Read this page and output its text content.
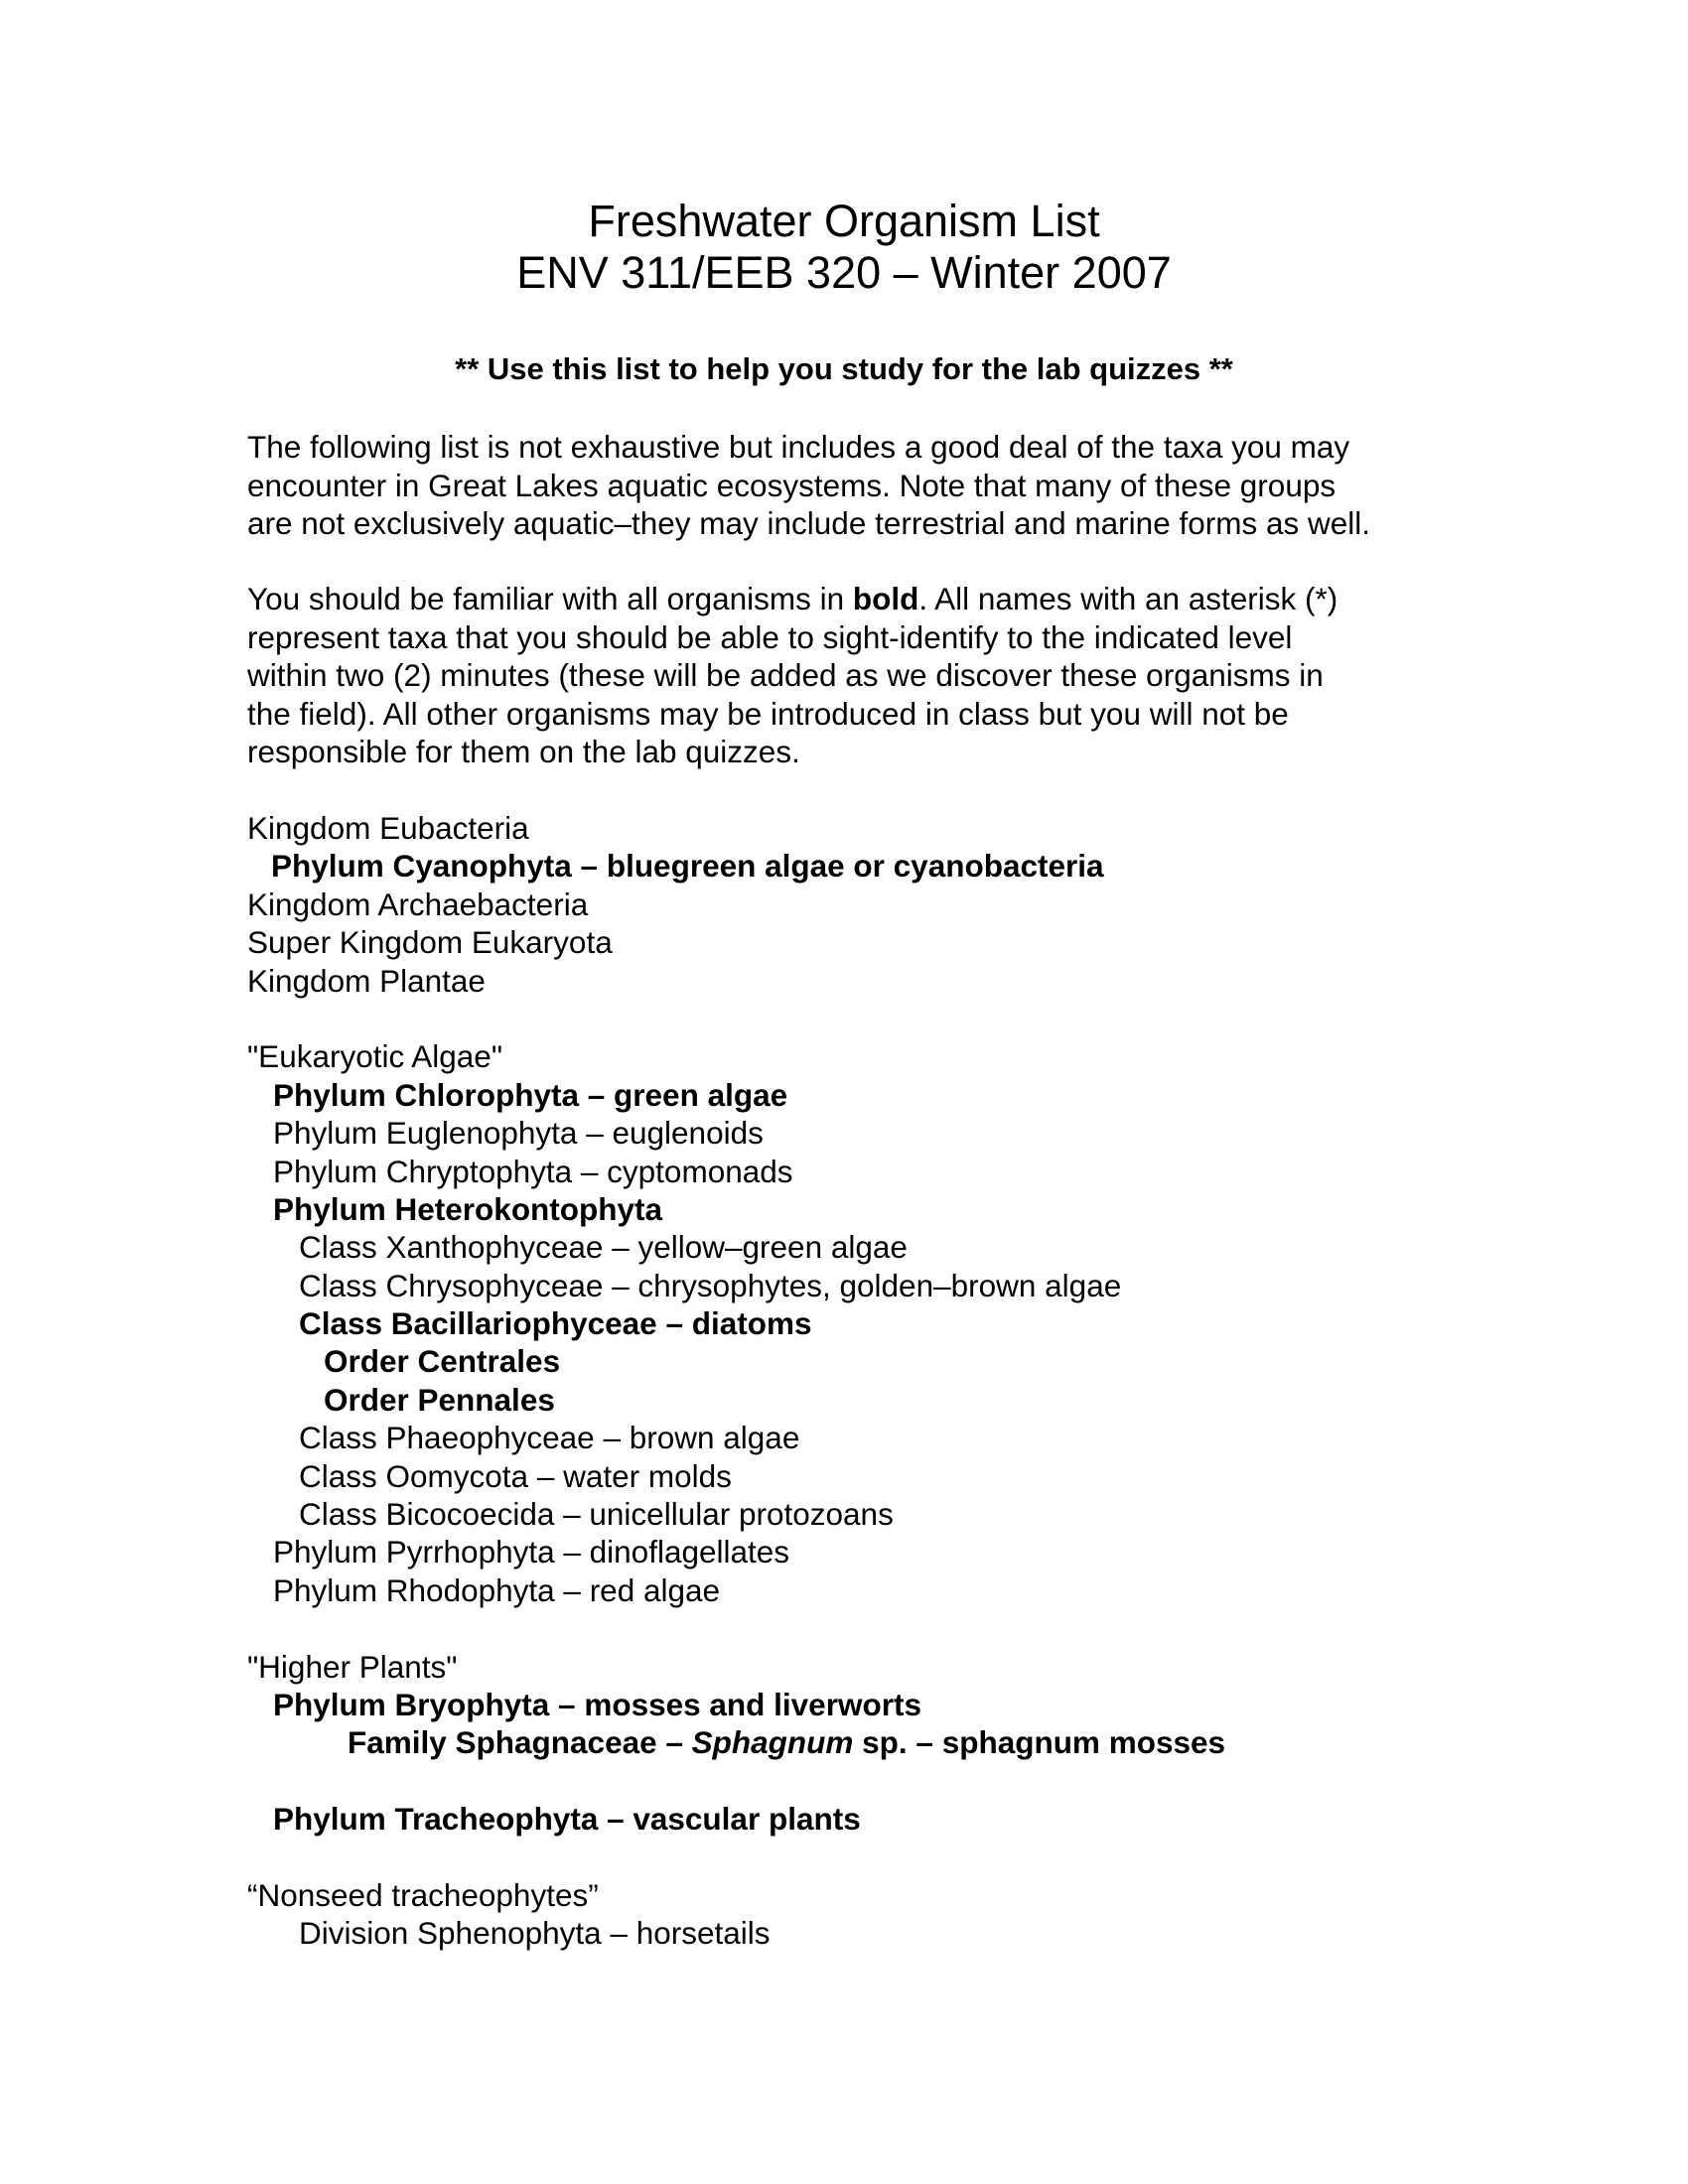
Freshwater Organism List
ENV 311/EEB 320 – Winter 2007
** Use this list to help you study for the lab quizzes **
The following list is not exhaustive but includes a good deal of the taxa you may
encounter in Great Lakes aquatic ecosystems. Note that many of these groups
are not exclusively aquatic–they may include terrestrial and marine forms as well.
You should be familiar with all organisms in bold. All names with an asterisk (*)
represent taxa that you should be able to sight-identify to the indicated level
within two (2) minutes (these will be added as we discover these organisms in
the field). All other organisms may be introduced in class but you will not be
responsible for them on the lab quizzes.
Kingdom Eubacteria
Phylum Cyanophyta – bluegreen algae or cyanobacteria
Kingdom Archaebacteria
Super Kingdom Eukaryota
Kingdom Plantae
"Eukaryotic Algae"
Phylum Chlorophyta – green algae
Phylum Euglenophyta – euglenoids
Phylum Chryptophyta – cyptomonads
Phylum Heterokontophyta
Class Xanthophyceae – yellow–green algae
Class Chrysophyceae – chrysophytes, golden–brown algae
Class Bacillariophyceae – diatoms
Order Centrales
Order Pennales
Class Phaeophyceae – brown algae
Class Oomycota – water molds
Class Bicocoecida – unicellular protozoans
Phylum Pyrrhophyta – dinoflagellates
Phylum Rhodophyta – red algae
"Higher Plants"
Phylum Bryophyta – mosses and liverworts
Family Sphagnaceae – Sphagnum sp. – sphagnum mosses
Phylum Tracheophyta – vascular plants
“Nonseed tracheophytes”
Division Sphenophyta – horsetails
